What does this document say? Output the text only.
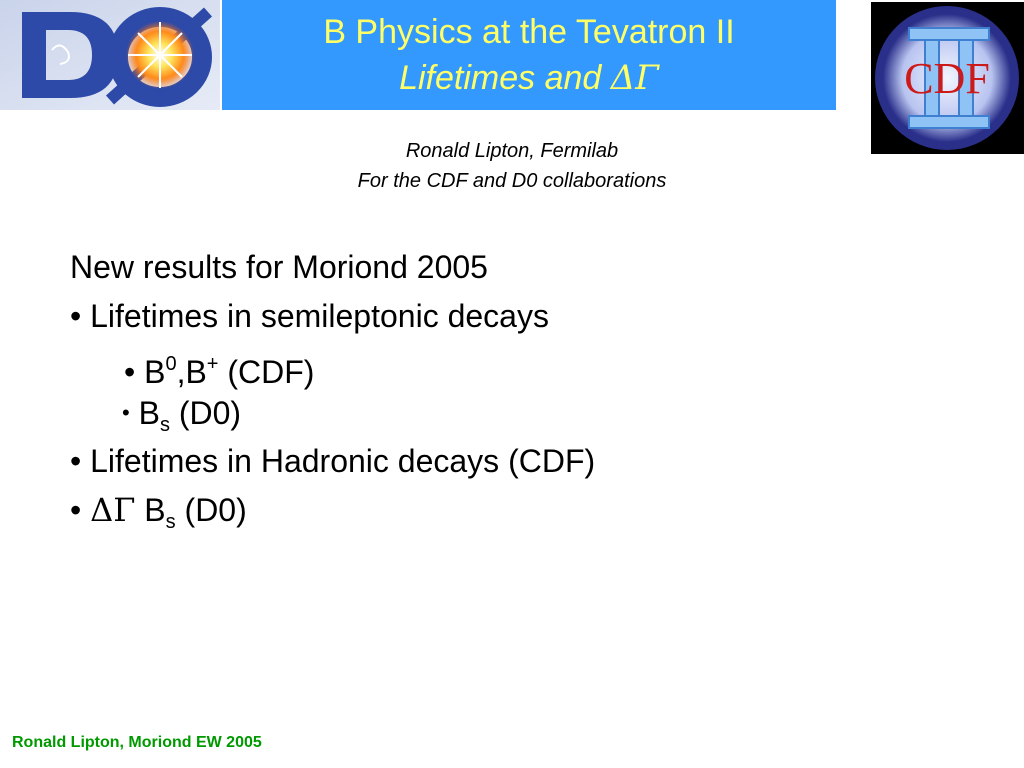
B Physics at the Tevatron II
Lifetimes and ΔΓ	CDF
Ronald Lipton, Fermilab
For the CDF and D0 collaborations
New results for Moriond 2005
• Lifetimes in semileptonic decays
• $B^0,B^+$ (CDF)
• $B_s$ (D0)
• Lifetimes in Hadronic decays (CDF)
• ΔΓ $B_s$ (D0)
Ronald Lipton, Moriond EW 2005
